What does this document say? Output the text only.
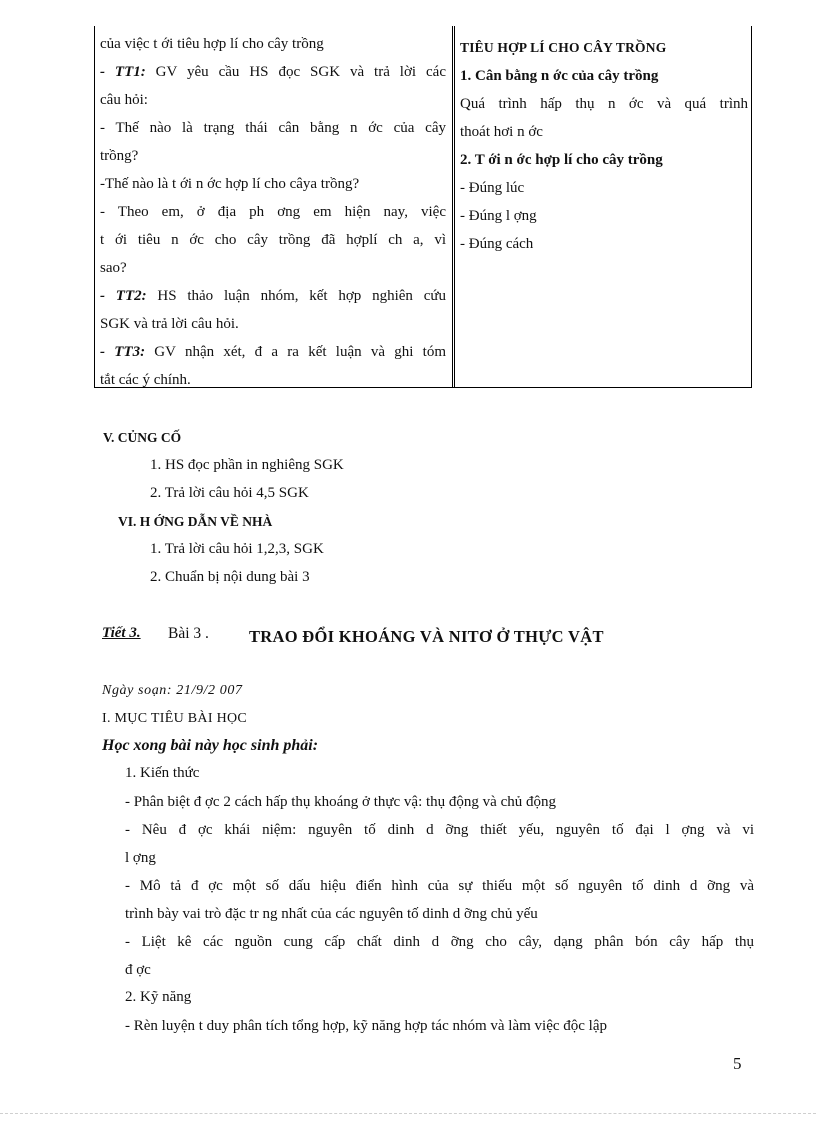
của việc t ới tiêu hợp lí cho cây trồng
- TT1: GV yêu cầu HS đọc SGK và trả lời các
câu hỏi:
- Thế nào là trạng thái cân bằng n ớc của cây
trồng?
-Thế nào là t ới n ớc hợp lí cho câya trồng?
- Theo em, ở địa ph ơng em hiện nay, việc
t ới tiêu n ớc cho cây trồng đã hợplí ch a, vì
sao?
- TT2: HS thảo luận nhóm, kết hợp nghiên cứu
SGK và trả lời câu hỏi.
- TT3: GV nhận xét, đ a ra kết luận và ghi tóm
tắt các ý chính.
TIÊU HỢP LÍ CHO CÂY TRỒNG
1. Cân bằng n ớc của cây trồng
Quá trình hấp thụ n ớc và quá trình
thoát hơi n ớc
2. T ới n ớc hợp lí cho cây trồng
- Đúng lúc
- Đúng l ợng
- Đúng cách
V. CỦNG CỐ
1. HS đọc phần in nghiêng SGK
2. Trả lời câu hỏi 4,5 SGK
VI. H ỚNG DẪN VỀ NHÀ
1. Trả lời câu hỏi 1,2,3, SGK
2. Chuẩn bị nội dung bài 3
Tiết 3. Bài 3 . TRAO ĐỔI KHOÁNG VÀ NITƠ Ở THỰC VẬT
Ngày soạn: 21/9/2 007
I. MỤC TIÊU BÀI HỌC
Học xong bài này học sinh phải:
1. Kiến thức
- Phân biệt đ ợc 2 cách hấp thụ khoáng ở thực vậ: thụ động và chủ động
- Nêu đ ợc khái niệm: nguyên tố dinh d ỡng thiết yếu, nguyên tố đại l ợng và vi
l ợng
- Mô tả đ ợc một số dấu hiệu điển hình của sự thiếu một số nguyên tố dinh d ỡng và
trình bày vai trò đặc tr ng nhất của các nguyên tố dinh d ỡng chủ yếu
- Liệt kê các nguồn cung cấp chất dinh d ỡng cho cây, dạng phân bón cây hấp thụ
đ ợc
2. Kỹ năng
- Rèn luyện t duy phân tích tổng hợp, kỹ năng hợp tác nhóm và làm việc độc lập
5
